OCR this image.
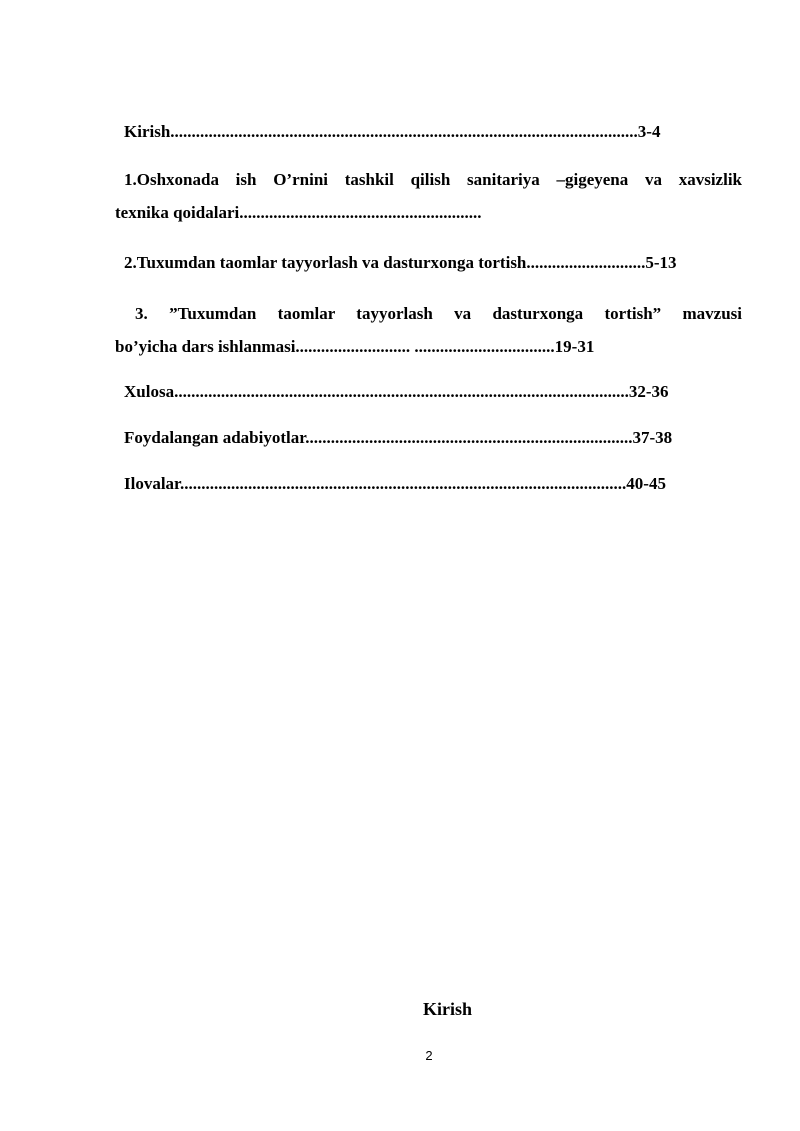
Kirish..............................................................................................................3-4
1.Oshxonada ish O’rnini tashkil qilish sanitariya –gigeyena va xavsizlik
texnika qoidalari.........................................................
2.Tuxumdan taomlar tayyorlash va dasturxonga tortish............................5-13
3. ”Tuxumdan taomlar tayyorlash va dasturxonga tortish” mavzusi
bo’yicha dars ishlanmasi........................... .................................19-31
Xulosa...........................................................................................................32-36
Foydalangan adabiyotlar.............................................................................37-38
Ilovalar.........................................................................................................40-45
Kirish
2
